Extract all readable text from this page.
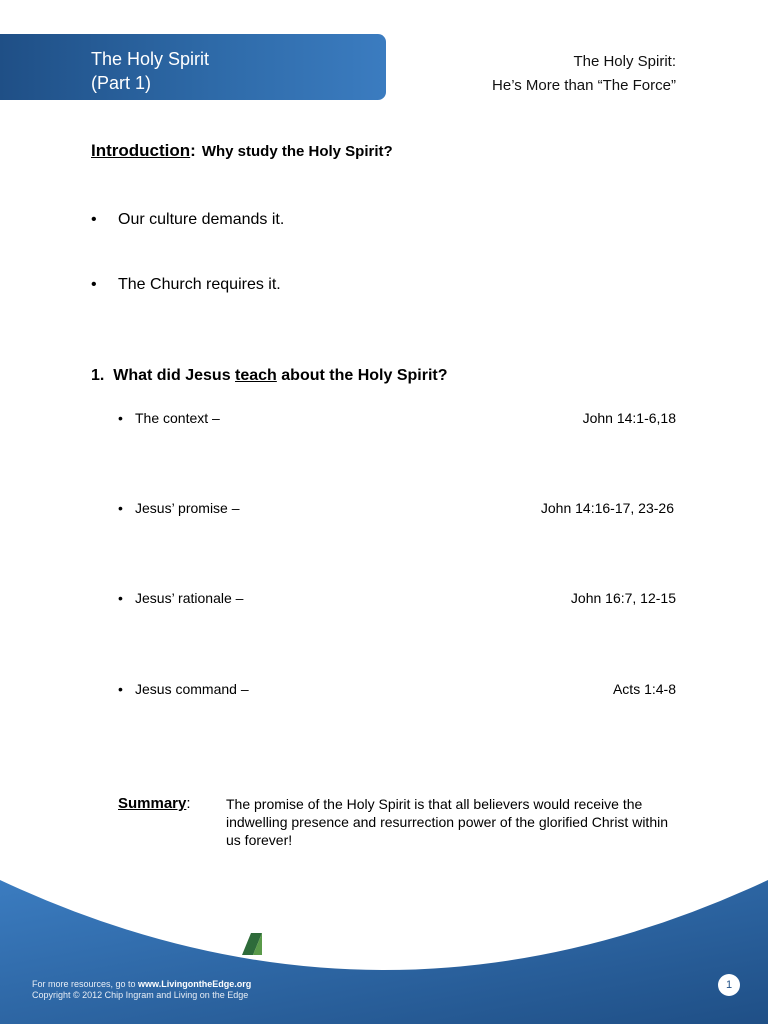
The Holy Spirit
(Part 1)
The Holy Spirit:
He’s More than “The Force”
Introduction: Why study the Holy Spirit?
• Our culture demands it.
• The Church requires it.
1. What did Jesus teach about the Holy Spirit?
• The context –	John 14:1-6,18
• Jesus’ promise –	John 14:16-17, 23-26
• Jesus’ rationale –	John 16:7, 12-15
• Jesus command –	Acts 1:4-8
Summary:	The promise of the Holy Spirit is that all believers would receive the indwelling presence and resurrection power of the glorified Christ within us forever!
LIVING ON THE EDGE™
For more resources, go to www.LivingontheEdge.org
Copyright © 2012 Chip Ingram and Living on the Edge
1
